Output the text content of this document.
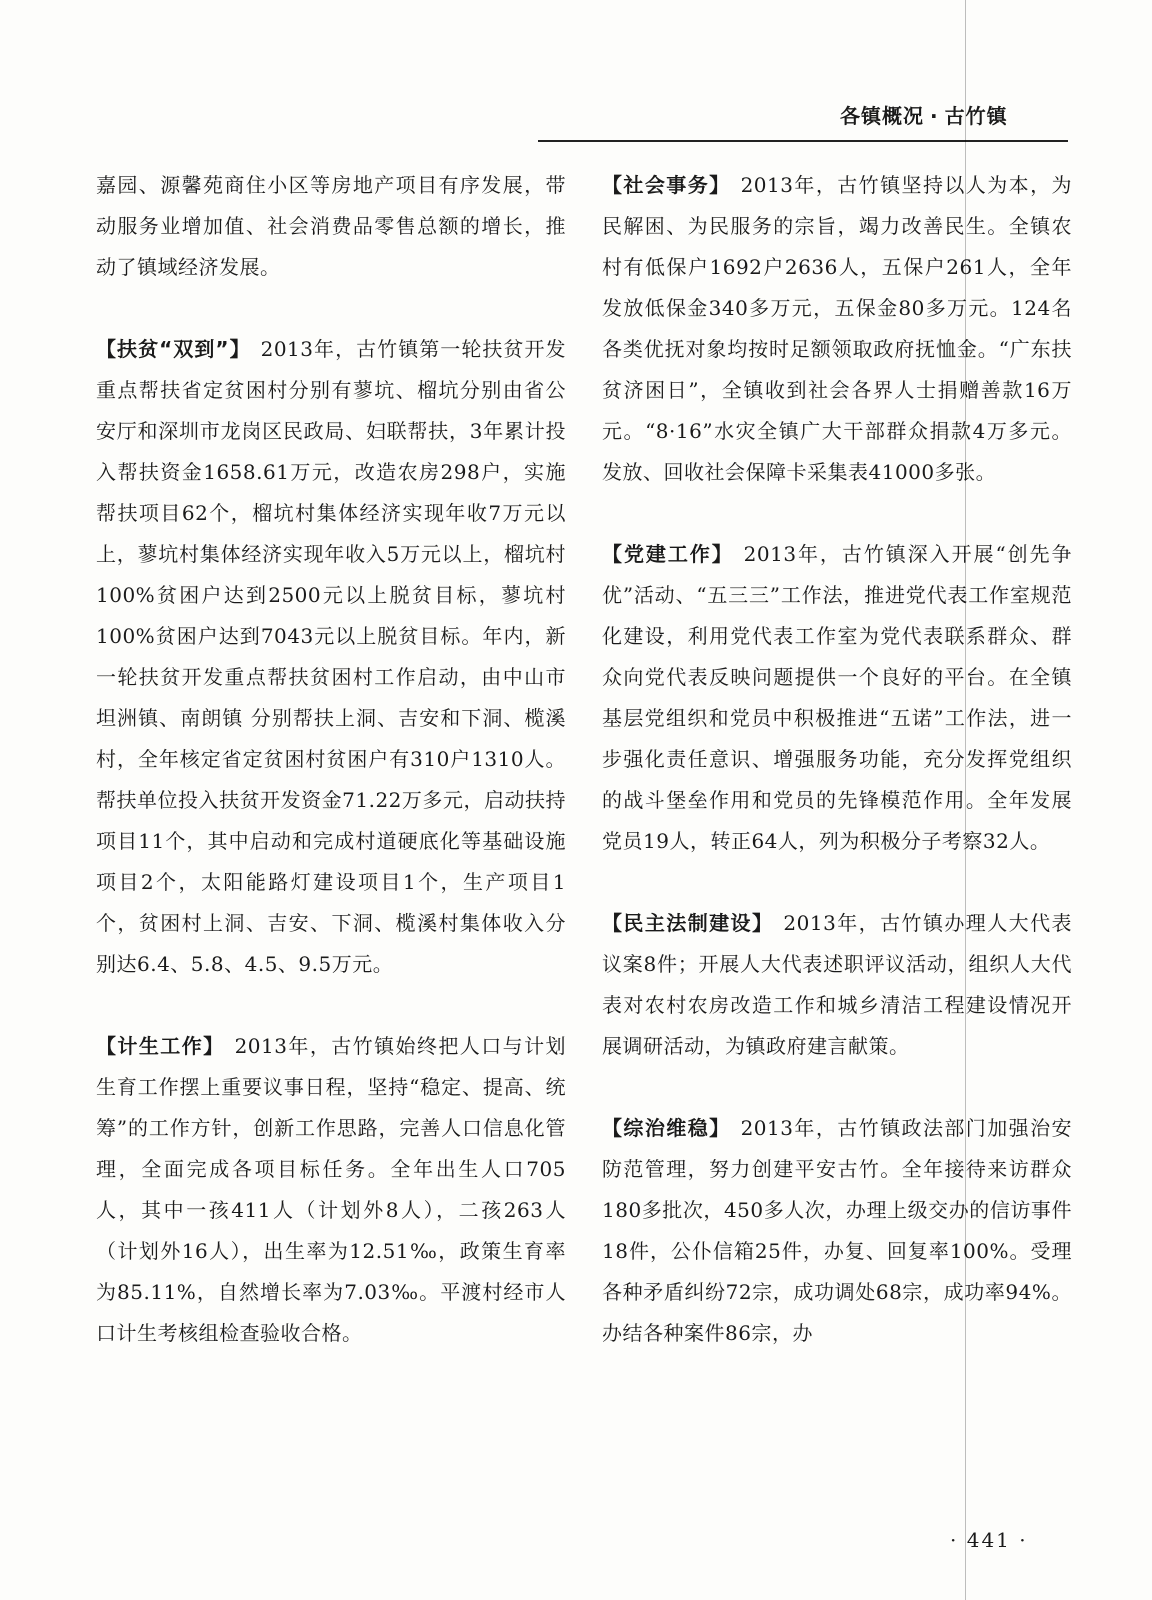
各镇概况 · 古竹镇

嘉园、源馨苑商住小区等房地产项目有序发展，带动服务业增加值、社会消费品零售总额的增长，推动了镇域经济发展。

【扶贫“双到”】 2013年，古竹镇第一轮扶贫开发重点帮扶省定贫困村分别有蓼坑、榴坑分别由省公安厅和深圳市龙岗区民政局、妇联帮扶，3年累计投入帮扶资金1658.61万元，改造农房298户，实施帮扶项目62个，榴坑村集体经济实现年收7万元以上，蓼坑村集体经济实现年收入5万元以上，榴坑村100%贫困户达到2500元以上脱贫目标，蓼坑村100%贫困户达到7043元以上脱贫目标。年内，新一轮扶贫开发重点帮扶贫困村工作启动，由中山市坦洲镇、南朗镇 分别帮扶上洞、吉安和下洞、榄溪村，全年核定省定贫困村贫困户有310户1310人。帮扶单位投入扶贫开发资金71.22万多元，启动扶持项目11个，其中启动和完成村道硬底化等基础设施项目2个，太阳能路灯建设项目1个，生产项目1个，贫困村上洞、吉安、下洞、榄溪村集体收入分别达6.4、5.8、4.5、9.5万元。

【计生工作】 2013年，古竹镇始终把人口与计划生育工作摆上重要议事日程，坚持“稳定、提高、统筹”的工作方针，创新工作思路，完善人口信息化管理，全面完成各项目标任务。全年出生人口705人，其中一孩411人（计划外8人），二孩263人（计划外16人），出生率为12.51‰，政策生育率为85.11%，自然增长率为7.03‰。平渡村经市人口计生考核组检查验收合格。

【社会事务】 2013年，古竹镇坚持以人为本，为民解困、为民服务的宗旨，竭力改善民生。全镇农村有低保户1692户2636人，五保户261人，全年发放低保金340多万元，五保金80多万元。124名各类优抚对象均按时足额领取政府抚恤金。“广东扶贫济困日”，全镇收到社会各界人士捐赠善款16万元。“8·16”水灾全镇广大干部群众捐款4万多元。发放、回收社会保障卡采集表41000多张。

【党建工作】 2013年，古竹镇深入开展“创先争优”活动、“五三三”工作法，推进党代表工作室规范化建设，利用党代表工作室为党代表联系群众、群众向党代表反映问题提供一个良好的平台。在全镇基层党组织和党员中积极推进“五诺”工作法，进一步强化责任意识、增强服务功能，充分发挥党组织的战斗堡垒作用和党员的先锋模范作用。全年发展党员19人，转正64人，列为积极分子考察32人。

【民主法制建设】 2013年，古竹镇办理人大代表议案8件；开展人大代表述职评议活动，组织人大代表对农村农房改造工作和城乡清洁工程建设情况开展调研活动，为镇政府建言献策。

【综治维稳】 2013年，古竹镇政法部门加强治安防范管理，努力创建平安古竹。全年接待来访群众180多批次，450多人次，办理上级交办的信访事件18件，公仆信箱25件，办复、回复率100%。受理各种矛盾纠纷72宗，成功调处68宗，成功率94%。办结各种案件86宗，办

· 441 ·
